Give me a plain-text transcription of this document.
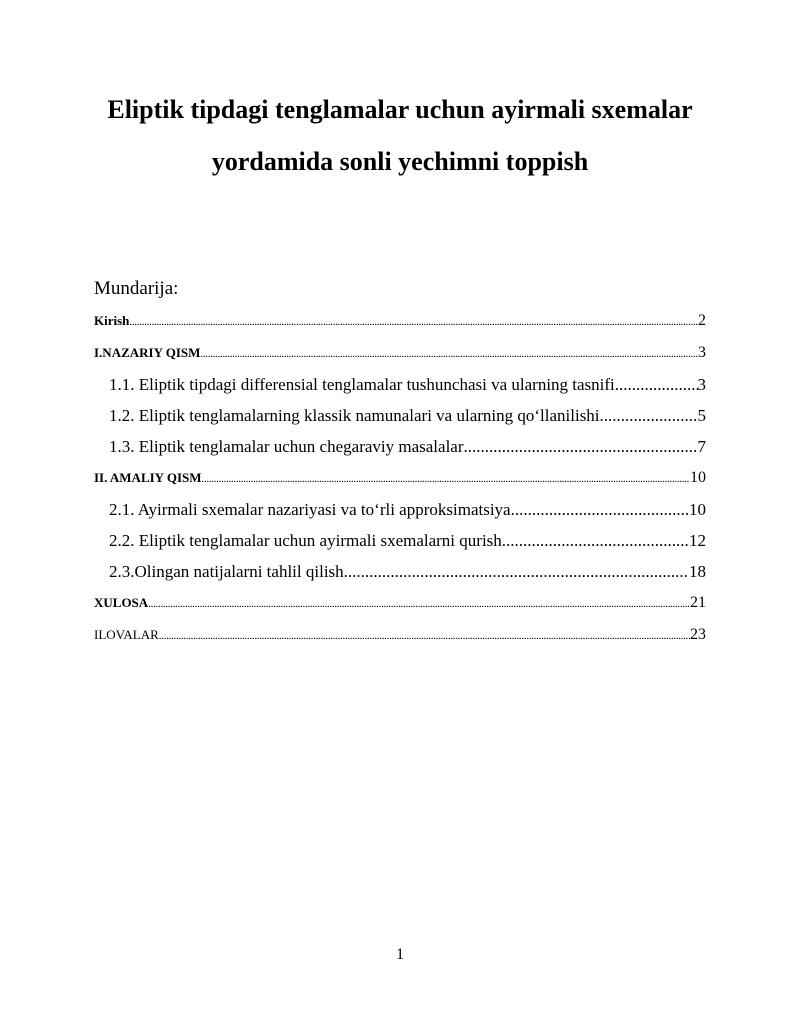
Eliptik tipdagi tenglamalar uchun ayirmali sxemalar
yordamida sonli yechimni toppish

Mundarija:

Kirish .....	2
I.NAZARIY QISM .....	3
1.1. Eliptik tipdagi differensial tenglamalar tushunchasi va ularning tasnifi .....	3
1.2. Eliptik tenglamalarning klassik namunalari va ularning qo‘llanilishi .....	5
1.3. Eliptik tenglamalar uchun chegaraviy masalalar .....	7
II. AMALIY QISM .....	10
2.1. Ayirmali sxemalar nazariyasi va to‘rli approksimatsiya .....	10
2.2. Eliptik tenglamalar uchun ayirmali sxemalarni qurish .....	12
2.3.Olingan natijalarni tahlil qilish .....	18
XULOSA .....	21
ILOVALAR .....	23
1
